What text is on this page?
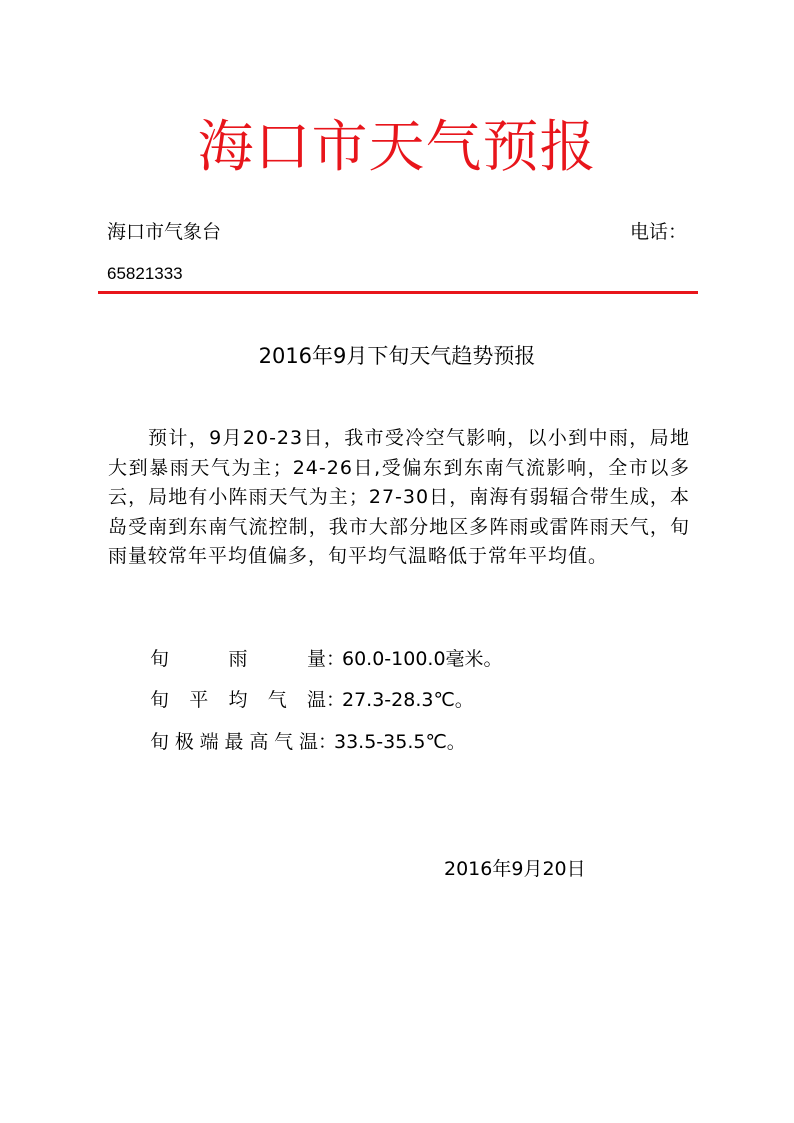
海口市天气预报
海口市气象台	电话：
65821333
2016年9月下旬天气趋势预报

预计，9月20-23日，我市受冷空气影响，以小到中雨，局地大到暴雨天气为主；24-26日,受偏东到东南气流影响，全市以多云，局地有小阵雨天气为主；27-30日，南海有弱辐合带生成，本岛受南到东南气流控制，我市大部分地区多阵雨或雷阵雨天气，旬雨量较常年平均值偏多，旬平均气温略低于常年平均值。

旬雨量 ：
60.0-100.0毫米。
旬平均气温 ：
27.3-28.3℃。
旬极端最高气温 ：
33.5-35.5℃。
2016年9月20日
